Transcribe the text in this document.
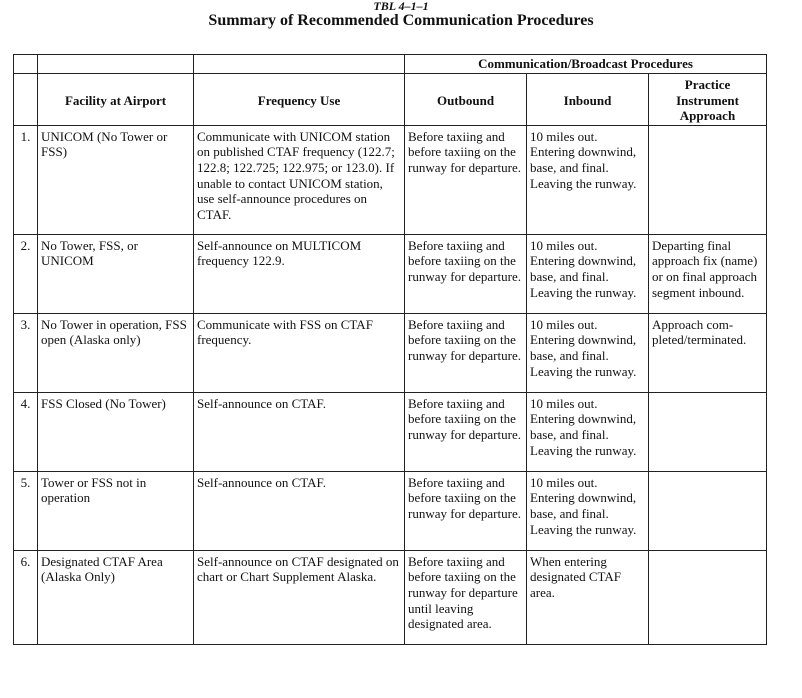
TBL 4–1–1
Summary of Recommended Communication Procedures
			Communication/Broadcast Procedures		
	Facility at Airport	Frequency Use	Outbound	Inbound	Practice Instrument Approach
1.	UNICOM (No Tower or FSS)	Communicate with UNICOM station on published CTAF frequency (122.7; 122.8; 122.725; 122.975; or 123.0). If unable to contact UNICOM station, use self-announce procedures on CTAF.	Before taxiing and before taxiing on the runway for departure.	10 miles out. Entering downwind, base, and final. Leaving the runway.	
2.	No Tower, FSS, or UNICOM	Self-announce on MULTICOM frequency 122.9.	Before taxiing and before taxiing on the runway for departure.	10 miles out. Entering downwind, base, and final. Leaving the runway.	Departing final approach fix (name) or on final approach segment inbound.
3.	No Tower in operation, FSS open (Alaska only)	Communicate with FSS on CTAF frequency.	Before taxiing and before taxiing on the runway for departure.	10 miles out. Entering downwind, base, and final. Leaving the runway.	Approach com-pleted/terminated.
4.	FSS Closed (No Tower)	Self-announce on CTAF.	Before taxiing and before taxiing on the runway for departure.	10 miles out. Entering downwind, base, and final. Leaving the runway.	
5.	Tower or FSS not in operation	Self-announce on CTAF.	Before taxiing and before taxiing on the runway for departure.	10 miles out. Entering downwind, base, and final. Leaving the runway.	
6.	Designated CTAF Area (Alaska Only)	Self-announce on CTAF designated on chart or Chart Supplement Alaska.	Before taxiing and before taxiing on the runway for departure until leaving designated area.	When entering designated CTAF area.	
